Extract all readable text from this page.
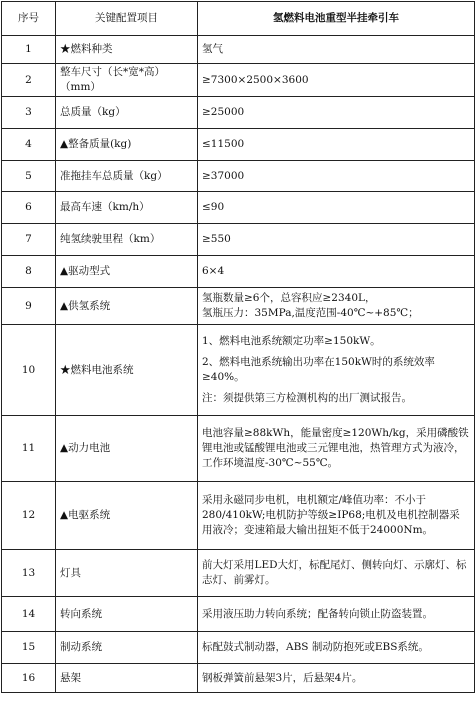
序号	关键配置项目	氢燃料电池重型半挂牵引车
1	★燃料种类	氢气

2	整车尺寸（长*宽*高）（mm）	≥7300×2500×3600

3	总质量（kg）	≥25000

4	▲整备质量(kg)	≤11500

5	准拖挂车总质量（kg）	≥37000

6	最高车速（km/h）	≤90

7	纯氢续驶里程（km）	≥550

8	▲驱动型式	6×4

9	▲供氢系统	氢瓶数量≥6个，总容积应≥2340L，
氢瓶压力：35MPa,温度范围-40℃~+85℃；

10	★燃料电池系统	1、燃料电池系统额定功率≥150kW。
2、燃料电池系统输出功率在150kW时的系统效率≥40%。
注：须提供第三方检测机构的出厂测试报告。

11	▲动力电池	电池容量≥88kWh，能量密度≥120Wh/kg，采用磷酸铁锂电池或锰酸锂电池或三元锂电池，热管理方式为液冷，工作环境温度-30℃~55℃。

12	▲电驱系统	采用永磁同步电机，电机额定/峰值功率：不小于280/410kW;电机防护等级≥IP68;电机及电机控制器采用液冷；变速箱最大输出扭矩不低于24000Nm。

13	灯具	前大灯采用LED大灯，标配尾灯、侧转向灯、示廓灯、标志灯、前雾灯。

14	转向系统	采用液压助力转向系统；配备转向锁止防盗装置。

15	制动系统	标配鼓式制动器，ABS 制动防抱死或EBS系统。

16	悬架	钢板弹簧前悬架3片，后悬架4片。
